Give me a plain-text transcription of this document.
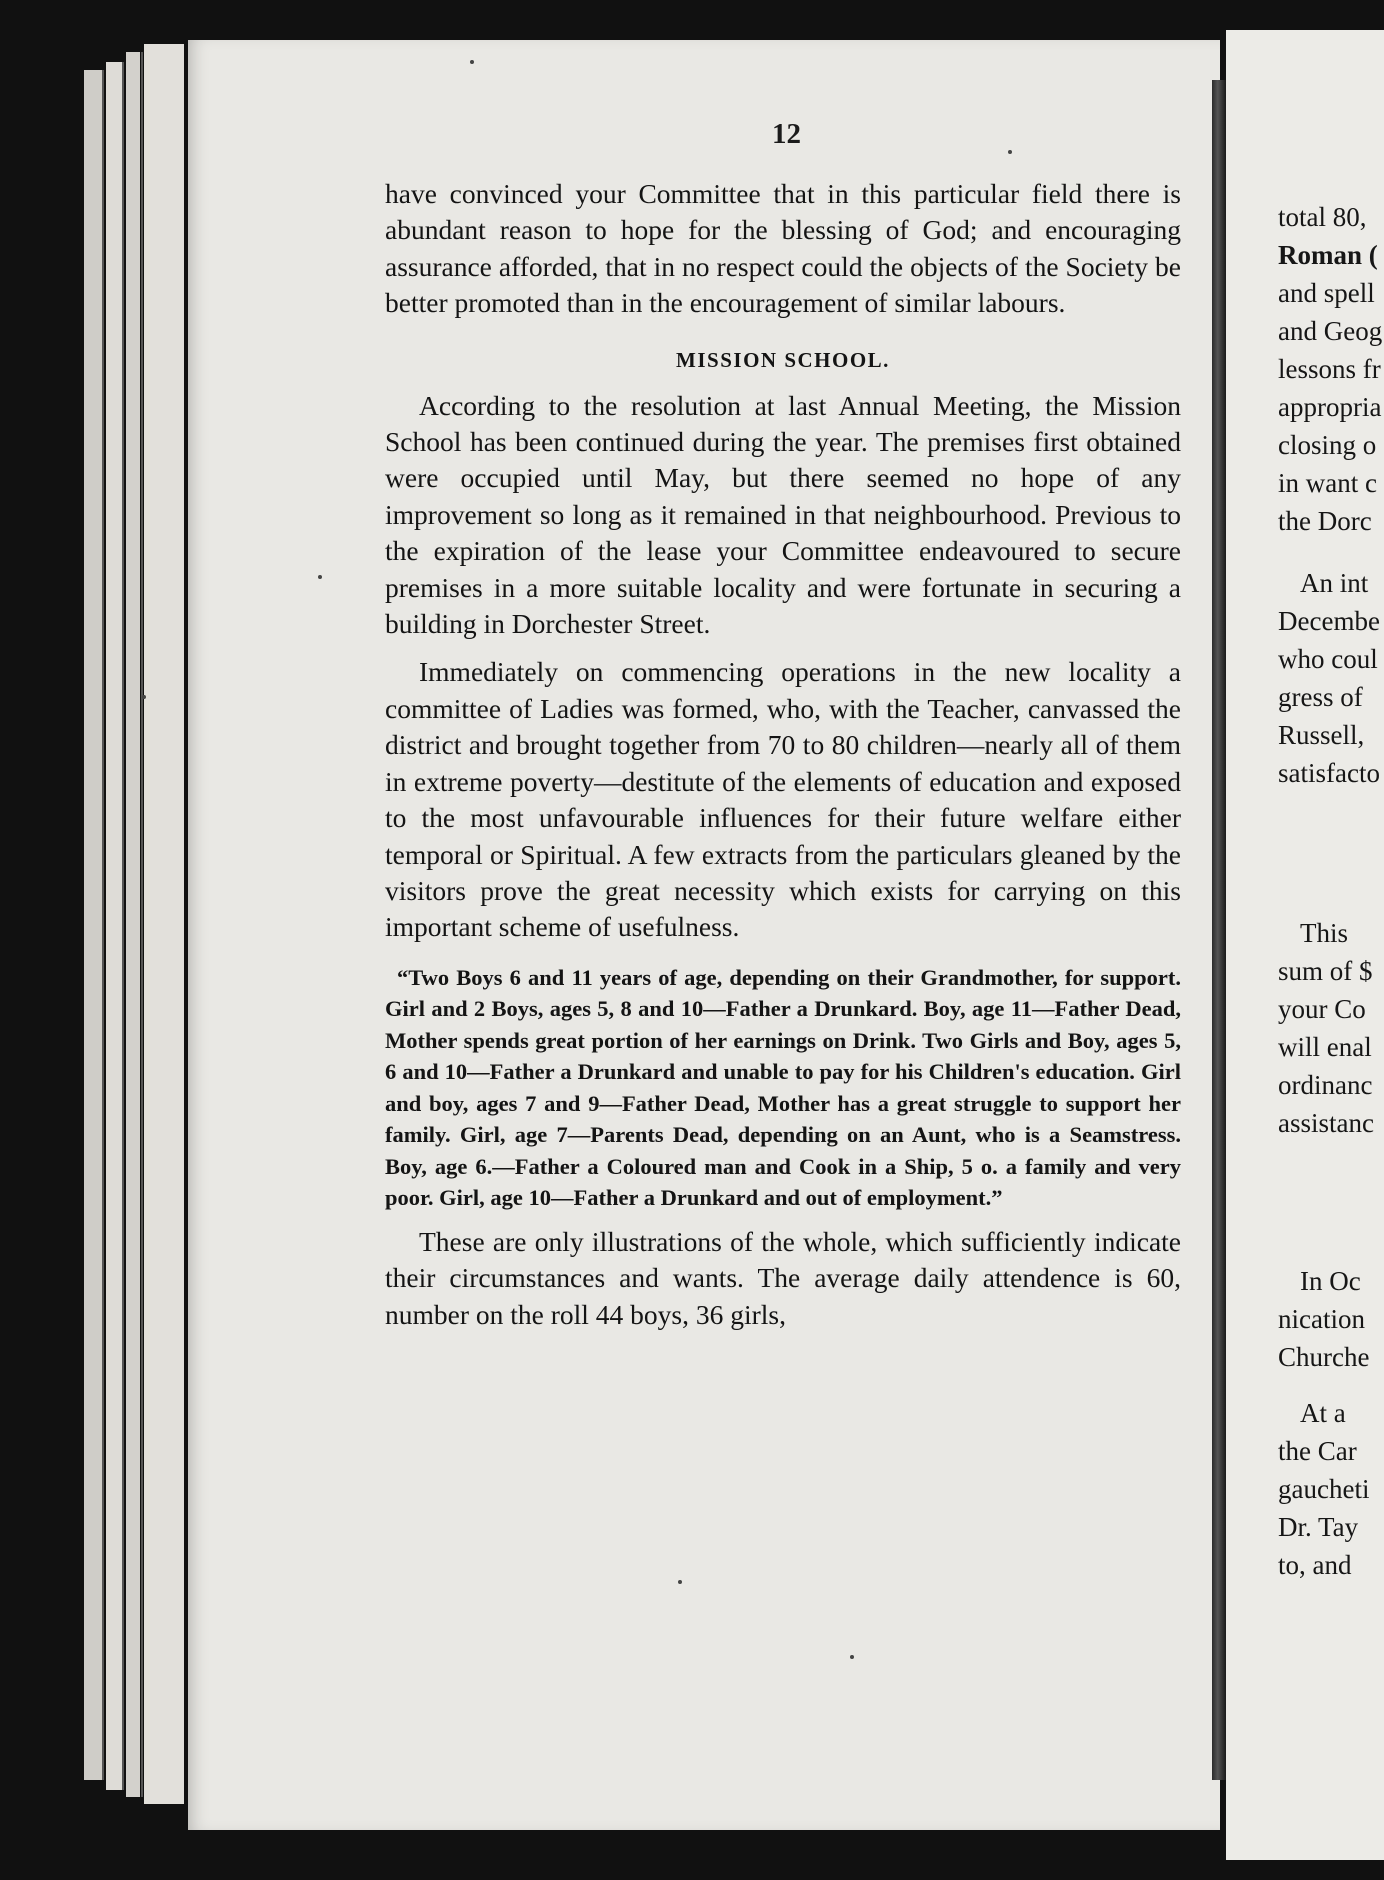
total 80,
Roman (
and spell
and Geog
lessons fr
appropria
closing o
in want c
the Dorc
An int
Decembe
who coul
gress of
Russell,
satisfacto
This
sum of $
your Co
will enal
ordinanc
assistanc
In Oc
nication
Churche
At a
the Car
gaucheti
Dr. Tay
to, and
12

have convinced your Committee that in this particular field there is abundant reason to hope for the blessing of God; and encouraging assurance afforded, that in no respect could the objects of the Society be better promoted than in the encouragement of similar labours.

MISSION SCHOOL.

According to the resolution at last Annual Meeting, the Mission School has been continued during the year. The premises first obtained were occupied until May, but there seemed no hope of any improvement so long as it remained in that neighbourhood. Previous to the expiration of the lease your Committee endeavoured to secure premises in a more suitable locality and were fortunate in securing a building in Dorchester Street.

Immediately on commencing operations in the new locality a committee of Ladies was formed, who, with the Teacher, canvassed the district and brought together from 70 to 80 children—nearly all of them in extreme poverty—destitute of the elements of education and exposed to the most unfavourable influences for their future welfare either temporal or Spiritual. A few extracts from the particulars gleaned by the visitors prove the great necessity which exists for carrying on this important scheme of usefulness.

“Two Boys 6 and 11 years of age, depending on their Grandmother, for support. Girl and 2 Boys, ages 5, 8 and 10—Father a Drunkard. Boy, age 11—Father Dead, Mother spends great portion of her earnings on Drink. Two Girls and Boy, ages 5, 6 and 10—Father a Drunkard and unable to pay for his Children's education. Girl and boy, ages 7 and 9—Father Dead, Mother has a great struggle to support her family. Girl, age 7—Parents Dead, depending on an Aunt, who is a Seamstress. Boy, age 6.—Father a Coloured man and Cook in a Ship, 5 o. a family and very poor. Girl, age 10—Father a Drunkard and out of employment.”

These are only illustrations of the whole, which sufficiently indicate their circumstances and wants. The average daily attendence is 60, number on the roll 44 boys, 36 girls,
